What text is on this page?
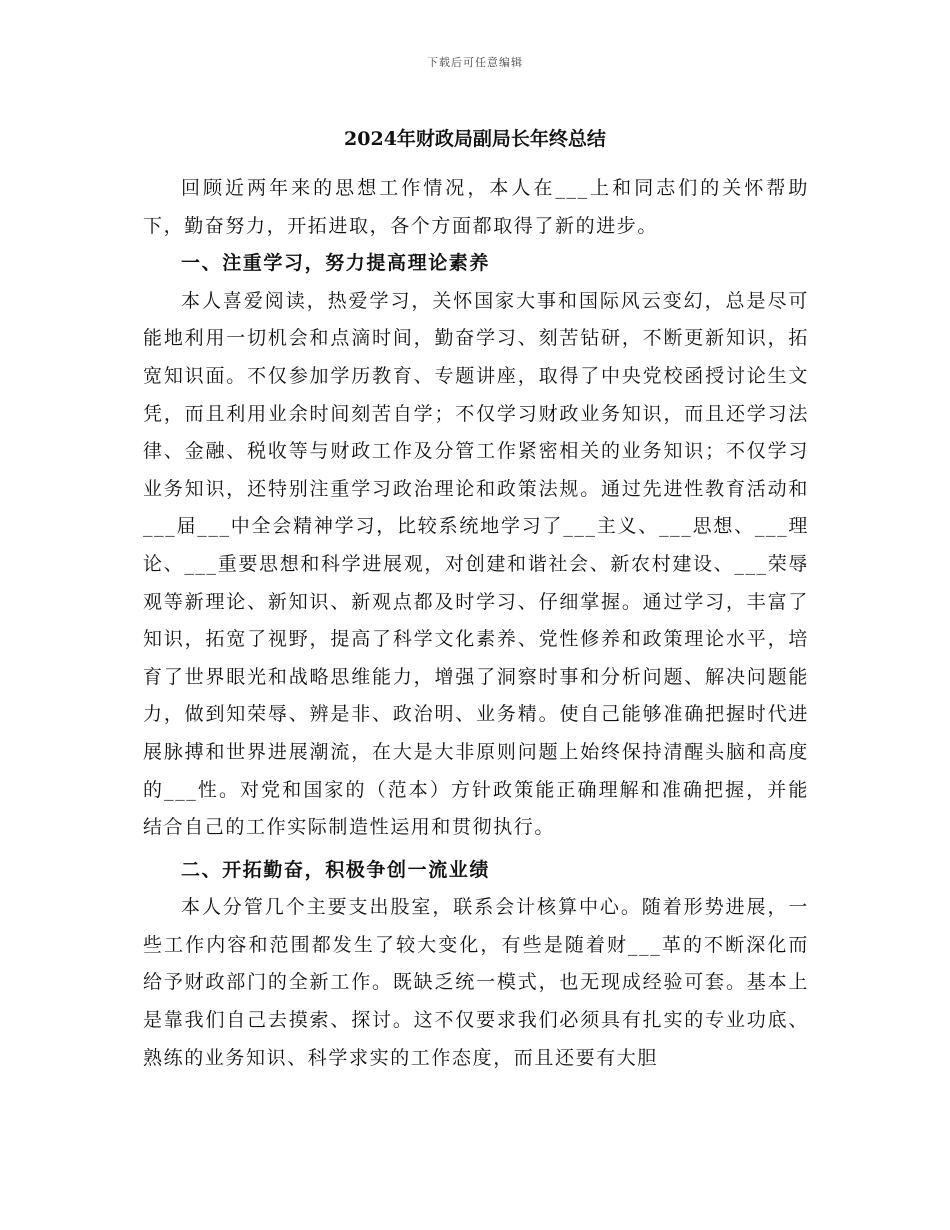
下载后可任意编辑
2024年财政局副局长年终总结

回顾近两年来的思想工作情况，本人在___上和同志们的关怀帮助下，勤奋努力，开拓进取，各个方面都取得了新的进步。

一、注重学习，努力提高理论素养

本人喜爱阅读，热爱学习，关怀国家大事和国际风云变幻，总是尽可能地利用一切机会和点滴时间，勤奋学习、刻苦钻研，不断更新知识，拓宽知识面。不仅参加学历教育、专题讲座，取得了中央党校函授讨论生文凭，而且利用业余时间刻苦自学；不仅学习财政业务知识，而且还学习法律、金融、税收等与财政工作及分管工作紧密相关的业务知识；不仅学习业务知识，还特别注重学习政治理论和政策法规。通过先进性教育活动和___届___中全会精神学习，比较系统地学习了___主义、___思想、___理论、___重要思想和科学进展观，对创建和谐社会、新农村建设、___荣辱观等新理论、新知识、新观点都及时学习、仔细掌握。通过学习，丰富了知识，拓宽了视野，提高了科学文化素养、党性修养和政策理论水平，培育了世界眼光和战略思维能力，增强了洞察时事和分析问题、解决问题能力，做到知荣辱、辨是非、政治明、业务精。使自己能够准确把握时代进展脉搏和世界进展潮流，在大是大非原则问题上始终保持清醒头脑和高度的___性。对党和国家的（范本）方针政策能正确理解和准确把握，并能结合自己的工作实际制造性运用和贯彻执行。

二、开拓勤奋，积极争创一流业绩

本人分管几个主要支出股室，联系会计核算中心。随着形势进展，一些工作内容和范围都发生了较大变化，有些是随着财___革的不断深化而给予财政部门的全新工作。既缺乏统一模式，也无现成经验可套。基本上是靠我们自己去摸索、探讨。这不仅要求我们必须具有扎实的专业功底、熟练的业务知识、科学求实的工作态度，而且还要有大胆
